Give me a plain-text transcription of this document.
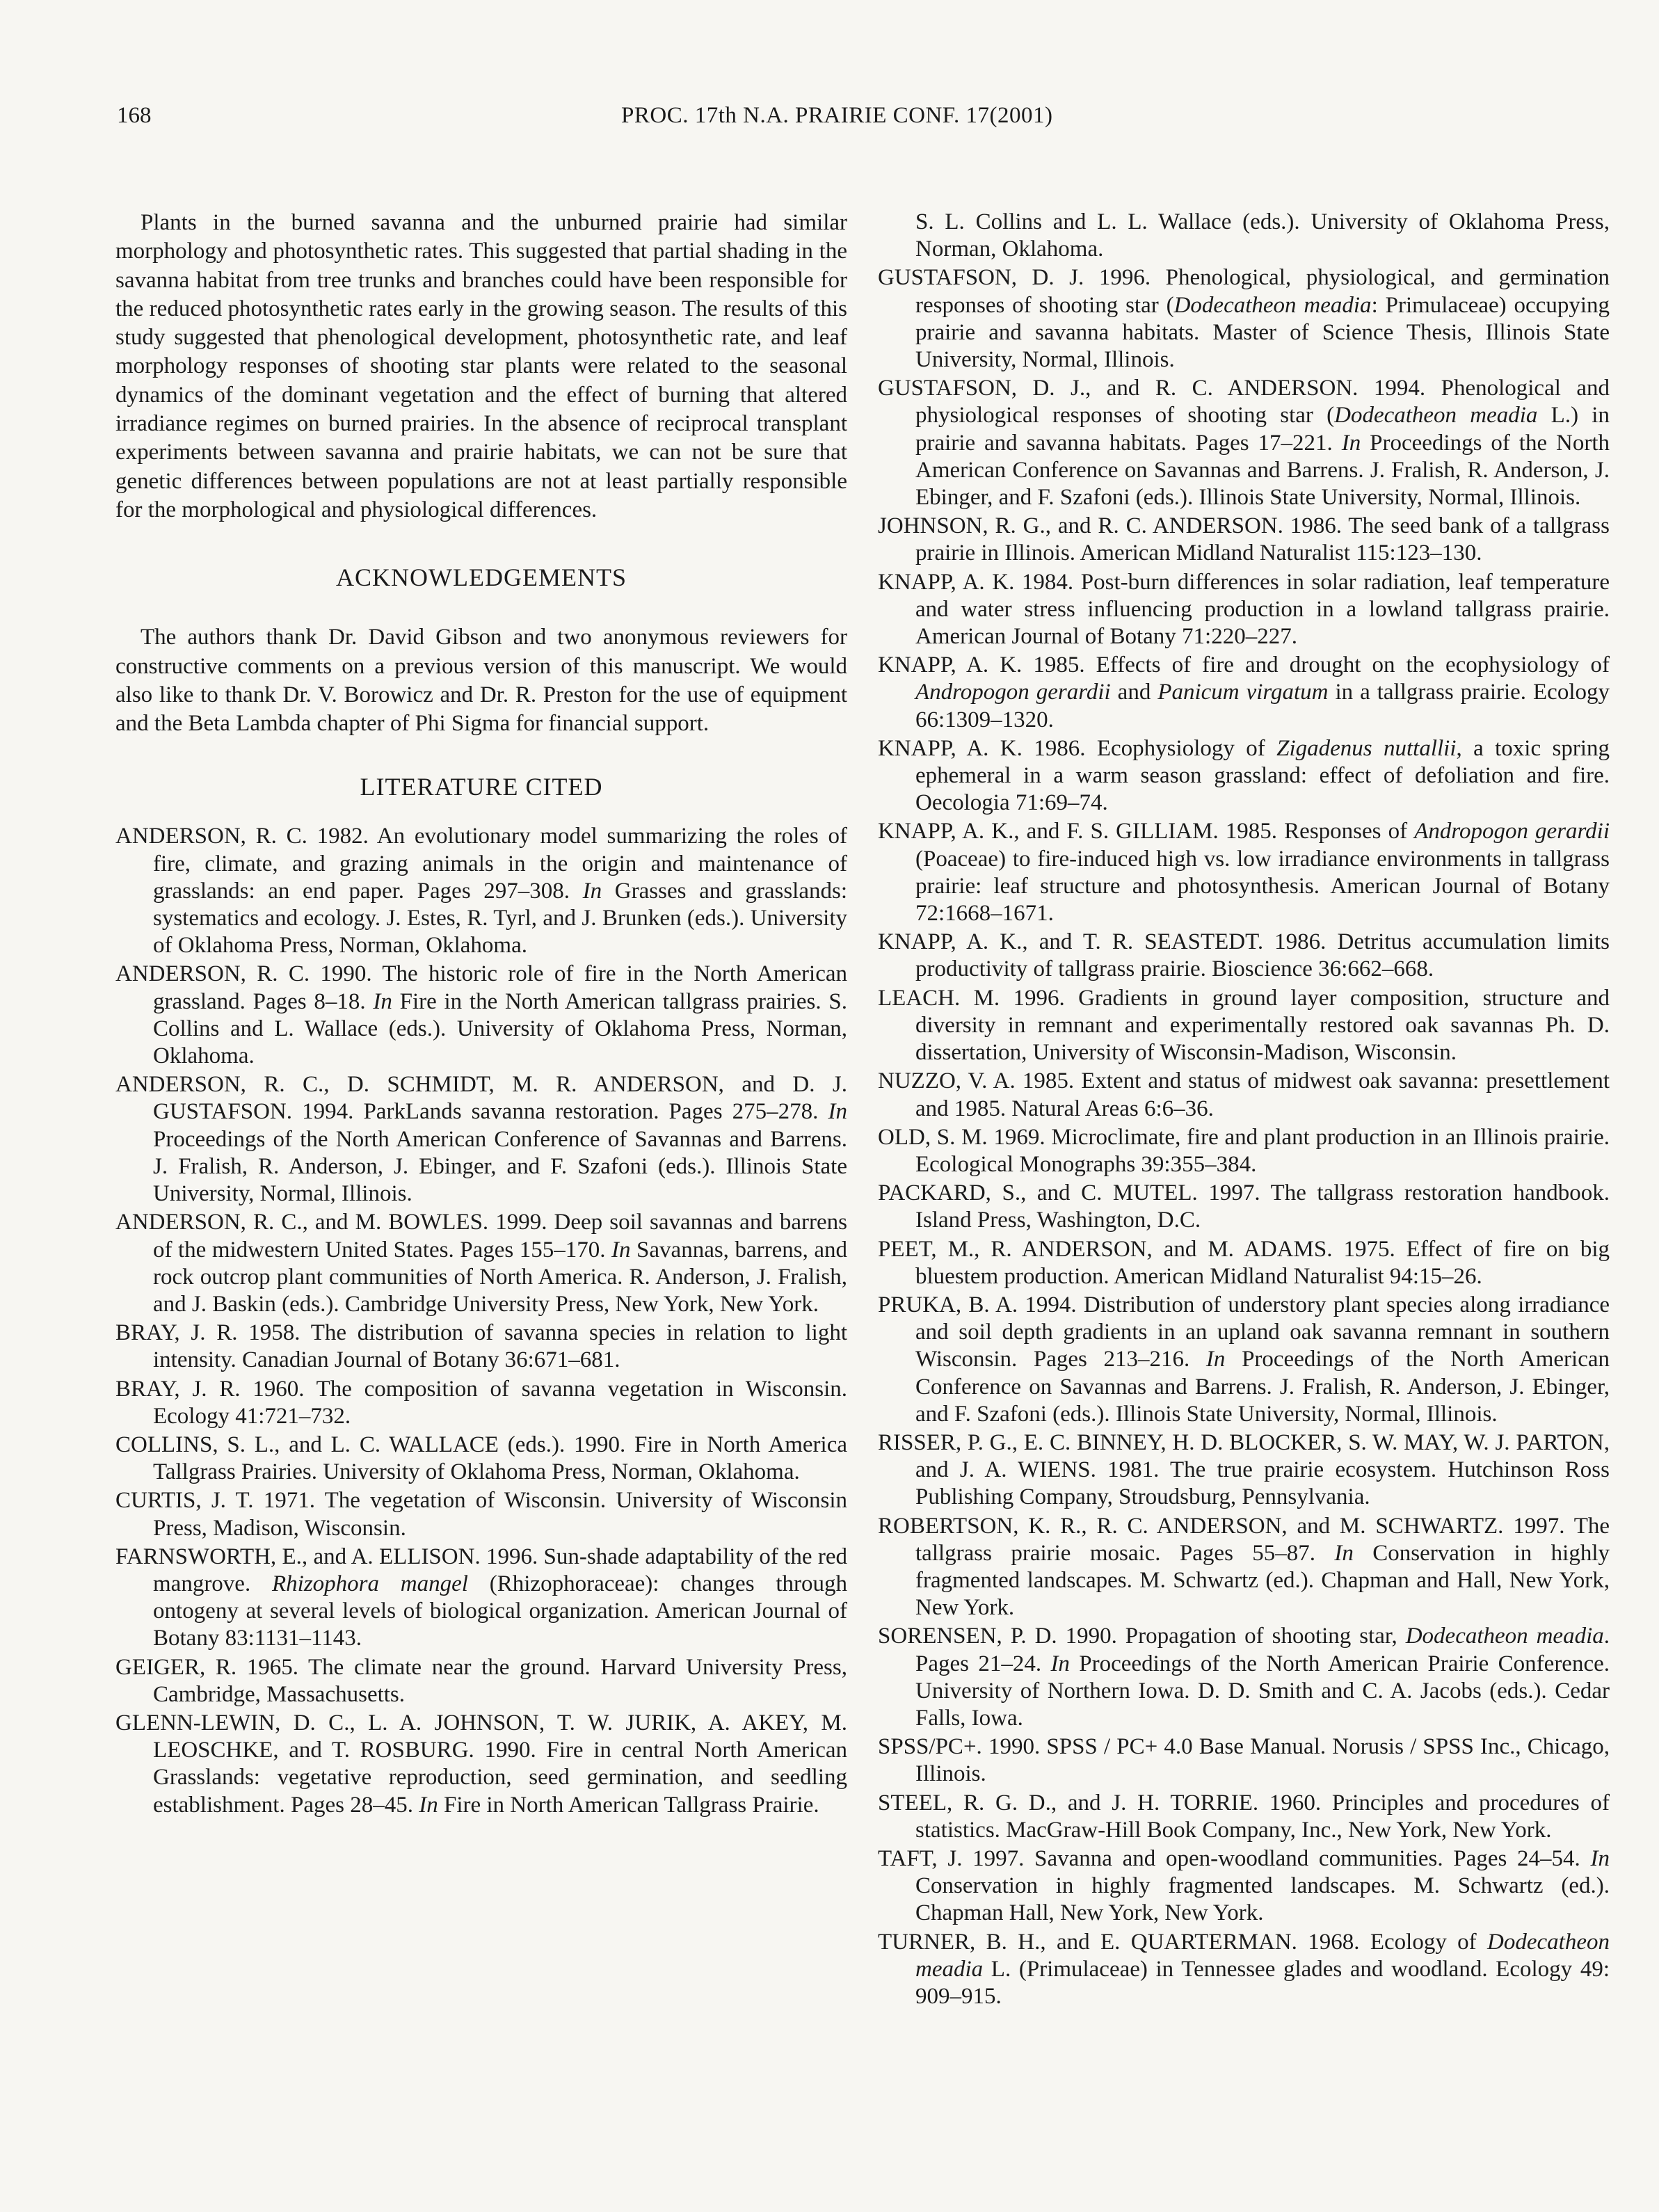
168	PROC. 17th N.A. PRAIRIE CONF. 17(2001)

Plants in the burned savanna and the unburned prairie had similar morphology and photosynthetic rates. This suggested that partial shading in the savanna habitat from tree trunks and branches could have been responsible for the reduced photosynthetic rates early in the growing season. The results of this study suggested that phenological development, photosynthetic rate, and leaf morphology responses of shooting star plants were related to the seasonal dynamics of the dominant vegetation and the effect of burning that altered irradiance regimes on burned prairies. In the absence of reciprocal transplant experiments between savanna and prairie habitats, we can not be sure that genetic differences between populations are not at least partially responsible for the morphological and physiological differences.

ACKNOWLEDGEMENTS

The authors thank Dr. David Gibson and two anonymous reviewers for constructive comments on a previous version of this manuscript. We would also like to thank Dr. V. Borowicz and Dr. R. Preston for the use of equipment and the Beta Lambda chapter of Phi Sigma for financial support.

LITERATURE CITED

ANDERSON, R. C. 1982. An evolutionary model summarizing the roles of fire, climate, and grazing animals in the origin and maintenance of grasslands: an end paper. Pages 297–308. In Grasses and grasslands: systematics and ecology. J. Estes, R. Tyrl, and J. Brunken (eds.). University of Oklahoma Press, Norman, Oklahoma.

ANDERSON, R. C. 1990. The historic role of fire in the North American grassland. Pages 8–18. In Fire in the North American tallgrass prairies. S. Collins and L. Wallace (eds.). University of Oklahoma Press, Norman, Oklahoma.

ANDERSON, R. C., D. SCHMIDT, M. R. ANDERSON, and D. J. GUSTAFSON. 1994. ParkLands savanna restoration. Pages 275–278. In Proceedings of the North American Conference of Savannas and Barrens. J. Fralish, R. Anderson, J. Ebinger, and F. Szafoni (eds.). Illinois State University, Normal, Illinois.

ANDERSON, R. C., and M. BOWLES. 1999. Deep soil savannas and barrens of the midwestern United States. Pages 155–170. In Savannas, barrens, and rock outcrop plant communities of North America. R. Anderson, J. Fralish, and J. Baskin (eds.). Cambridge University Press, New York, New York.

BRAY, J. R. 1958. The distribution of savanna species in relation to light intensity. Canadian Journal of Botany 36:671–681.

BRAY, J. R. 1960. The composition of savanna vegetation in Wisconsin. Ecology 41:721–732.

COLLINS, S. L., and L. C. WALLACE (eds.). 1990. Fire in North America Tallgrass Prairies. University of Oklahoma Press, Norman, Oklahoma.

CURTIS, J. T. 1971. The vegetation of Wisconsin. University of Wisconsin Press, Madison, Wisconsin.

FARNSWORTH, E., and A. ELLISON. 1996. Sun-shade adaptability of the red mangrove. Rhizophora mangel (Rhizophoraceae): changes through ontogeny at several levels of biological organization. American Journal of Botany 83:1131–1143.

GEIGER, R. 1965. The climate near the ground. Harvard University Press, Cambridge, Massachusetts.

GLENN-LEWIN, D. C., L. A. JOHNSON, T. W. JURIK, A. AKEY, M. LEOSCHKE, and T. ROSBURG. 1990. Fire in central North American Grasslands: vegetative reproduction, seed germination, and seedling establishment. Pages 28–45. In Fire in North American Tallgrass Prairie.

S. L. Collins and L. L. Wallace (eds.). University of Oklahoma Press, Norman, Oklahoma.

GUSTAFSON, D. J. 1996. Phenological, physiological, and germination responses of shooting star (Dodecatheon meadia: Primulaceae) occupying prairie and savanna habitats. Master of Science Thesis, Illinois State University, Normal, Illinois.

GUSTAFSON, D. J., and R. C. ANDERSON. 1994. Phenological and physiological responses of shooting star (Dodecatheon meadia L.) in prairie and savanna habitats. Pages 17–221. In Proceedings of the North American Conference on Savannas and Barrens. J. Fralish, R. Anderson, J. Ebinger, and F. Szafoni (eds.). Illinois State University, Normal, Illinois.

JOHNSON, R. G., and R. C. ANDERSON. 1986. The seed bank of a tallgrass prairie in Illinois. American Midland Naturalist 115:123–130.

KNAPP, A. K. 1984. Post-burn differences in solar radiation, leaf temperature and water stress influencing production in a lowland tallgrass prairie. American Journal of Botany 71:220–227.

KNAPP, A. K. 1985. Effects of fire and drought on the ecophysiology of Andropogon gerardii and Panicum virgatum in a tallgrass prairie. Ecology 66:1309–1320.

KNAPP, A. K. 1986. Ecophysiology of Zigadenus nuttallii, a toxic spring ephemeral in a warm season grassland: effect of defoliation and fire. Oecologia 71:69–74.

KNAPP, A. K., and F. S. GILLIAM. 1985. Responses of Andropogon gerardii (Poaceae) to fire-induced high vs. low irradiance environments in tallgrass prairie: leaf structure and photosynthesis. American Journal of Botany 72:1668–1671.

KNAPP, A. K., and T. R. SEASTEDT. 1986. Detritus accumulation limits productivity of tallgrass prairie. Bioscience 36:662–668.

LEACH. M. 1996. Gradients in ground layer composition, structure and diversity in remnant and experimentally restored oak savannas Ph. D. dissertation, University of Wisconsin-Madison, Wisconsin.

NUZZO, V. A. 1985. Extent and status of midwest oak savanna: presettlement and 1985. Natural Areas 6:6–36.

OLD, S. M. 1969. Microclimate, fire and plant production in an Illinois prairie. Ecological Monographs 39:355–384.

PACKARD, S., and C. MUTEL. 1997. The tallgrass restoration handbook. Island Press, Washington, D.C.

PEET, M., R. ANDERSON, and M. ADAMS. 1975. Effect of fire on big bluestem production. American Midland Naturalist 94:15–26.

PRUKA, B. A. 1994. Distribution of understory plant species along irradiance and soil depth gradients in an upland oak savanna remnant in southern Wisconsin. Pages 213–216. In Proceedings of the North American Conference on Savannas and Barrens. J. Fralish, R. Anderson, J. Ebinger, and F. Szafoni (eds.). Illinois State University, Normal, Illinois.

RISSER, P. G., E. C. BINNEY, H. D. BLOCKER, S. W. MAY, W. J. PARTON, and J. A. WIENS. 1981. The true prairie ecosystem. Hutchinson Ross Publishing Company, Stroudsburg, Pennsylvania.

ROBERTSON, K. R., R. C. ANDERSON, and M. SCHWARTZ. 1997. The tallgrass prairie mosaic. Pages 55–87. In Conservation in highly fragmented landscapes. M. Schwartz (ed.). Chapman and Hall, New York, New York.

SORENSEN, P. D. 1990. Propagation of shooting star, Dodecatheon meadia. Pages 21–24. In Proceedings of the North American Prairie Conference. University of Northern Iowa. D. D. Smith and C. A. Jacobs (eds.). Cedar Falls, Iowa.

SPSS/PC+. 1990. SPSS / PC+ 4.0 Base Manual. Norusis / SPSS Inc., Chicago, Illinois.

STEEL, R. G. D., and J. H. TORRIE. 1960. Principles and procedures of statistics. MacGraw-Hill Book Company, Inc., New York, New York.

TAFT, J. 1997. Savanna and open-woodland communities. Pages 24–54. In Conservation in highly fragmented landscapes. M. Schwartz (ed.). Chapman Hall, New York, New York.

TURNER, B. H., and E. QUARTERMAN. 1968. Ecology of Dodecatheon meadia L. (Primulaceae) in Tennessee glades and woodland. Ecology 49: 909–915.
